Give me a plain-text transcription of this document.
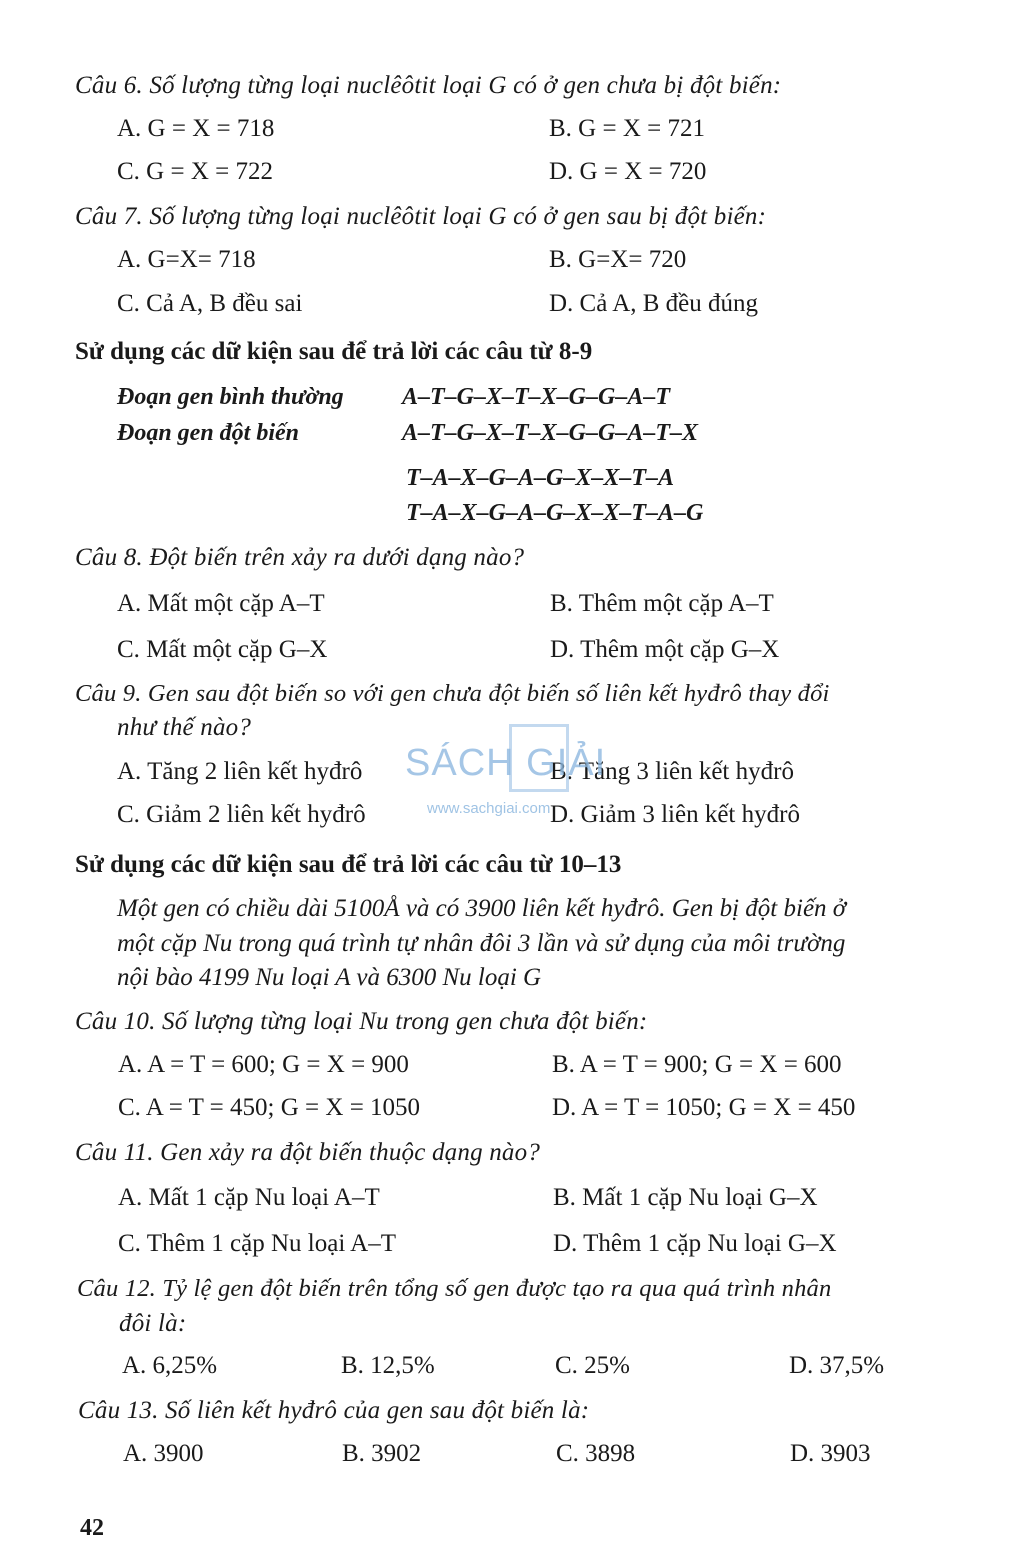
Câu 6. Số lượng từng loại nuclêôtit loại G có ở gen chưa bị đột biến:
A. G = X = 718	B. G = X = 721
C. G = X = 722	D. G = X = 720
Câu 7. Số lượng từng loại nuclêôtit loại G có ở gen sau bị đột biến:
A. G=X= 718	B. G=X= 720
C. Cả A, B đều sai	D. Cả A, B đều đúng
Sử dụng các dữ kiện sau để trả lời các câu từ 8-9
Đoạn gen bình thường A–T–G–X–T–X–G–G–A–T
Đoạn gen đột biến	A–T–G–X–T–X–G–G–A–T–X
T–A–X–G–A–G–X–X–T–A
T–A–X–G–A–G–X–X–T–A–G
Câu 8. Đột biến trên xảy ra dưới dạng nào?
A. Mất một cặp A–T	B. Thêm một cặp A–T
C. Mất một cặp G–X	D. Thêm một cặp G–X
Câu 9. Gen sau đột biến so với gen chưa đột biến số liên kết hyđrô thay đổi
như thế nào?
A. Tăng 2 liên kết hyđrô	B. Tăng 3 liên kết hyđrô
C. Giảm 2 liên kết hyđrô	D. Giảm 3 liên kết hyđrô
SÁCH GIẢI
www.sachgiai.com
Sử dụng các dữ kiện sau để trả lời các câu từ 10–13
Một gen có chiều dài 5100Å và có 3900 liên kết hyđrô. Gen bị đột biến ở
một cặp Nu trong quá trình tự nhân đôi 3 lần và sử dụng của môi trường
nội bào 4199 Nu loại A và 6300 Nu loại G
Câu 10. Số lượng từng loại Nu trong gen chưa đột biến:
A. A = T = 600; G = X = 900	B. A = T = 900; G = X = 600
C. A = T = 450; G = X = 1050	D. A = T = 1050; G = X = 450
Câu 11. Gen xảy ra đột biến thuộc dạng nào?
A. Mất 1 cặp Nu loại A–T	B. Mất 1 cặp Nu loại G–X
C. Thêm 1 cặp Nu loại A–T	D. Thêm 1 cặp Nu loại G–X
Câu 12. Tỷ lệ gen đột biến trên tổng số gen được tạo ra qua quá trình nhân
đôi là:
A. 6,25%	B. 12,5%	C. 25%	D. 37,5%
Câu 13. Số liên kết hyđrô của gen sau đột biến là:
A. 3900	B. 3902	C. 3898	D. 3903
42
